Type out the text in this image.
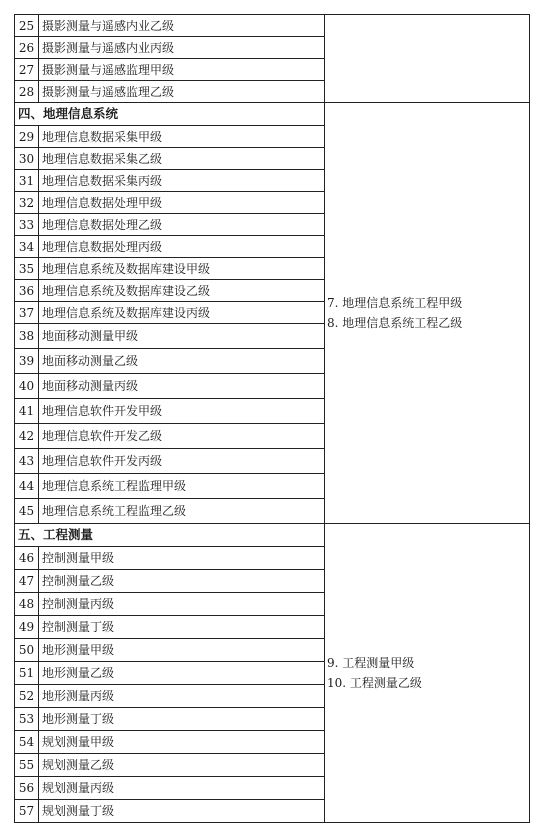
25	摄影测量与遥感内业乙级	
26	摄影测量与遥感内业丙级	
27	摄影测量与遥感监理甲级	
28	摄影测量与遥感监理乙级	
四、地理信息系统		7. 地理信息系统工程甲级
8. 地理信息系统工程乙级

29	地理信息数据采集甲级	
30	地理信息数据采集乙级	
31	地理信息数据采集丙级	
32	地理信息数据处理甲级	
33	地理信息数据处理乙级	
34	地理信息数据处理丙级	
35	地理信息系统及数据库建设甲级	
36	地理信息系统及数据库建设乙级	
37	地理信息系统及数据库建设丙级	
38	地面移动测量甲级	
39	地面移动测量乙级	
40	地面移动测量丙级	
41	地理信息软件开发甲级	
42	地理信息软件开发乙级	
43	地理信息软件开发丙级	
44	地理信息系统工程监理甲级	
45	地理信息系统工程监理乙级	
五、工程测量		9. 工程测量甲级
10. 工程测量乙级

46	控制测量甲级	
47	控制测量乙级	
48	控制测量丙级	
49	控制测量丁级	
50	地形测量甲级	
51	地形测量乙级	
52	地形测量丙级	
53	地形测量丁级	
54	规划测量甲级	
55	规划测量乙级	
56	规划测量丙级	
57	规划测量丁级	
